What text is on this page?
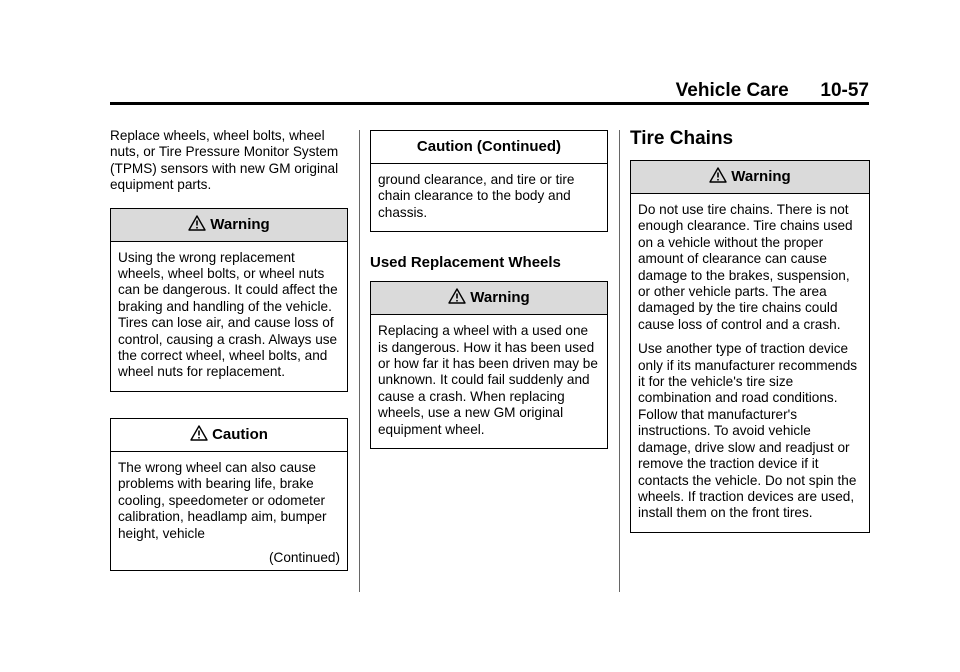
Vehicle Care 10-57

Replace wheels, wheel bolts, wheel nuts, or Tire Pressure Monitor System (TPMS) sensors with new GM original equipment parts.

Warning

Using the wrong replacement wheels, wheel bolts, or wheel nuts can be dangerous. It could affect the braking and handling of the vehicle. Tires can lose air, and cause loss of control, causing a crash. Always use the correct wheel, wheel bolts, and wheel nuts for replacement.

Caution

The wrong wheel can also cause problems with bearing life, brake cooling, speedometer or odometer calibration, headlamp aim, bumper height, vehicle

(Continued)
Caution (Continued)

ground clearance, and tire or tire chain clearance to the body and chassis.

Used Replacement Wheels
Warning

Replacing a wheel with a used one is dangerous. How it has been used or how far it has been driven may be unknown. It could fail suddenly and cause a crash. When replacing wheels, use a new GM original equipment wheel.

Tire Chains
Warning

Do not use tire chains. There is not enough clearance. Tire chains used on a vehicle without the proper amount of clearance can cause damage to the brakes, suspension, or other vehicle parts. The area damaged by the tire chains could cause loss of control and a crash.

Use another type of traction device only if its manufacturer recommends it for the vehicle's tire size combination and road conditions. Follow that manufacturer's instructions. To avoid vehicle damage, drive slow and readjust or remove the traction device if it contacts the vehicle. Do not spin the wheels. If traction devices are used, install them on the front tires.
